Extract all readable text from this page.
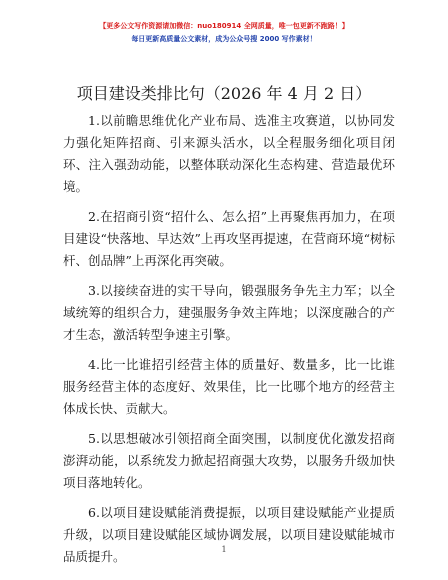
【更多公文写作资源请加微信：nuo180914 全网质量，唯一包更新不跑路！】
每日更新高质量公文素材，成为公众号搜 2000 写作素材！
项目建设类排比句（2026 年 4 月 2 日）

1.以前瞻思维优化产业布局、选准主攻赛道，以协同发力强化矩阵招商、引来源头活水，以全程服务细化项目闭环、注入强劲动能，以整体联动深化生态构建、营造最优环境。

2.在招商引资“招什么、怎么招”上再聚焦再加力，在项目建设“快落地、早达效”上再攻坚再提速，在营商环境“树标杆、创品牌”上再深化再突破。

3.以接续奋进的实干导向，锻强服务争先主力军；以全域统筹的组织合力，建强服务争效主阵地；以深度融合的产才生态，激活转型争速主引擎。

4.比一比谁招引经营主体的质量好、数量多，比一比谁服务经营主体的态度好、效果佳，比一比哪个地方的经营主体成长快、贡献大。

5.以思想破冰引领招商全面突围，以制度优化激发招商澎湃动能，以系统发力掀起招商强大攻势，以服务升级加快项目落地转化。

6.以项目建设赋能消费提振，以项目建设赋能产业提质升级，以项目建设赋能区域协调发展，以项目建设赋能城市品质提升。	1
